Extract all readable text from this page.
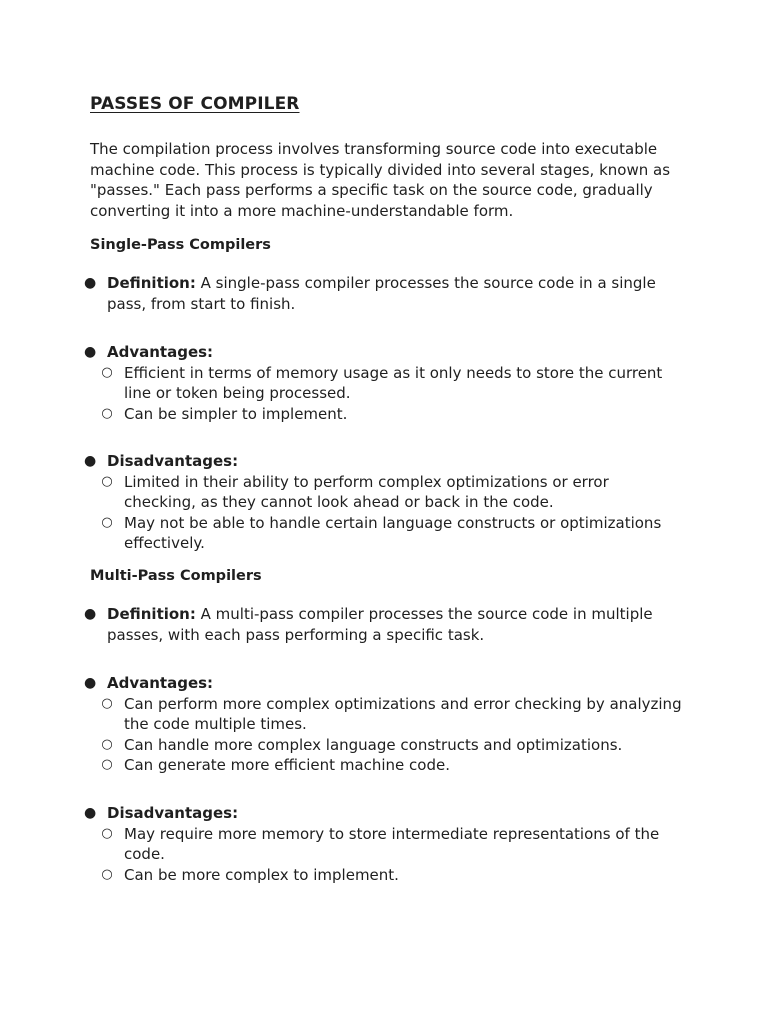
PASSES OF COMPILER

The compilation process involves transforming source code into executable machine code. This process is typically divided into several stages, known as "passes." Each pass performs a specific task on the source code, gradually converting it into a more machine-understandable form.

Single-Pass Compilers

● Definition: A single-pass compiler processes the source code in a single pass, from start to finish.
● Advantages:
○ Efficient in terms of memory usage as it only needs to store the current line or token being processed.
○ Can be simpler to implement.
● Disadvantages:
○ Limited in their ability to perform complex optimizations or error checking, as they cannot look ahead or back in the code.
○ May not be able to handle certain language constructs or optimizations effectively.

Multi-Pass Compilers

● Definition: A multi-pass compiler processes the source code in multiple passes, with each pass performing a specific task.
● Advantages:
○ Can perform more complex optimizations and error checking by analyzing the code multiple times.
○ Can handle more complex language constructs and optimizations.
○ Can generate more efficient machine code.
● Disadvantages:
○ May require more memory to store intermediate representations of the code.
○ Can be more complex to implement.
